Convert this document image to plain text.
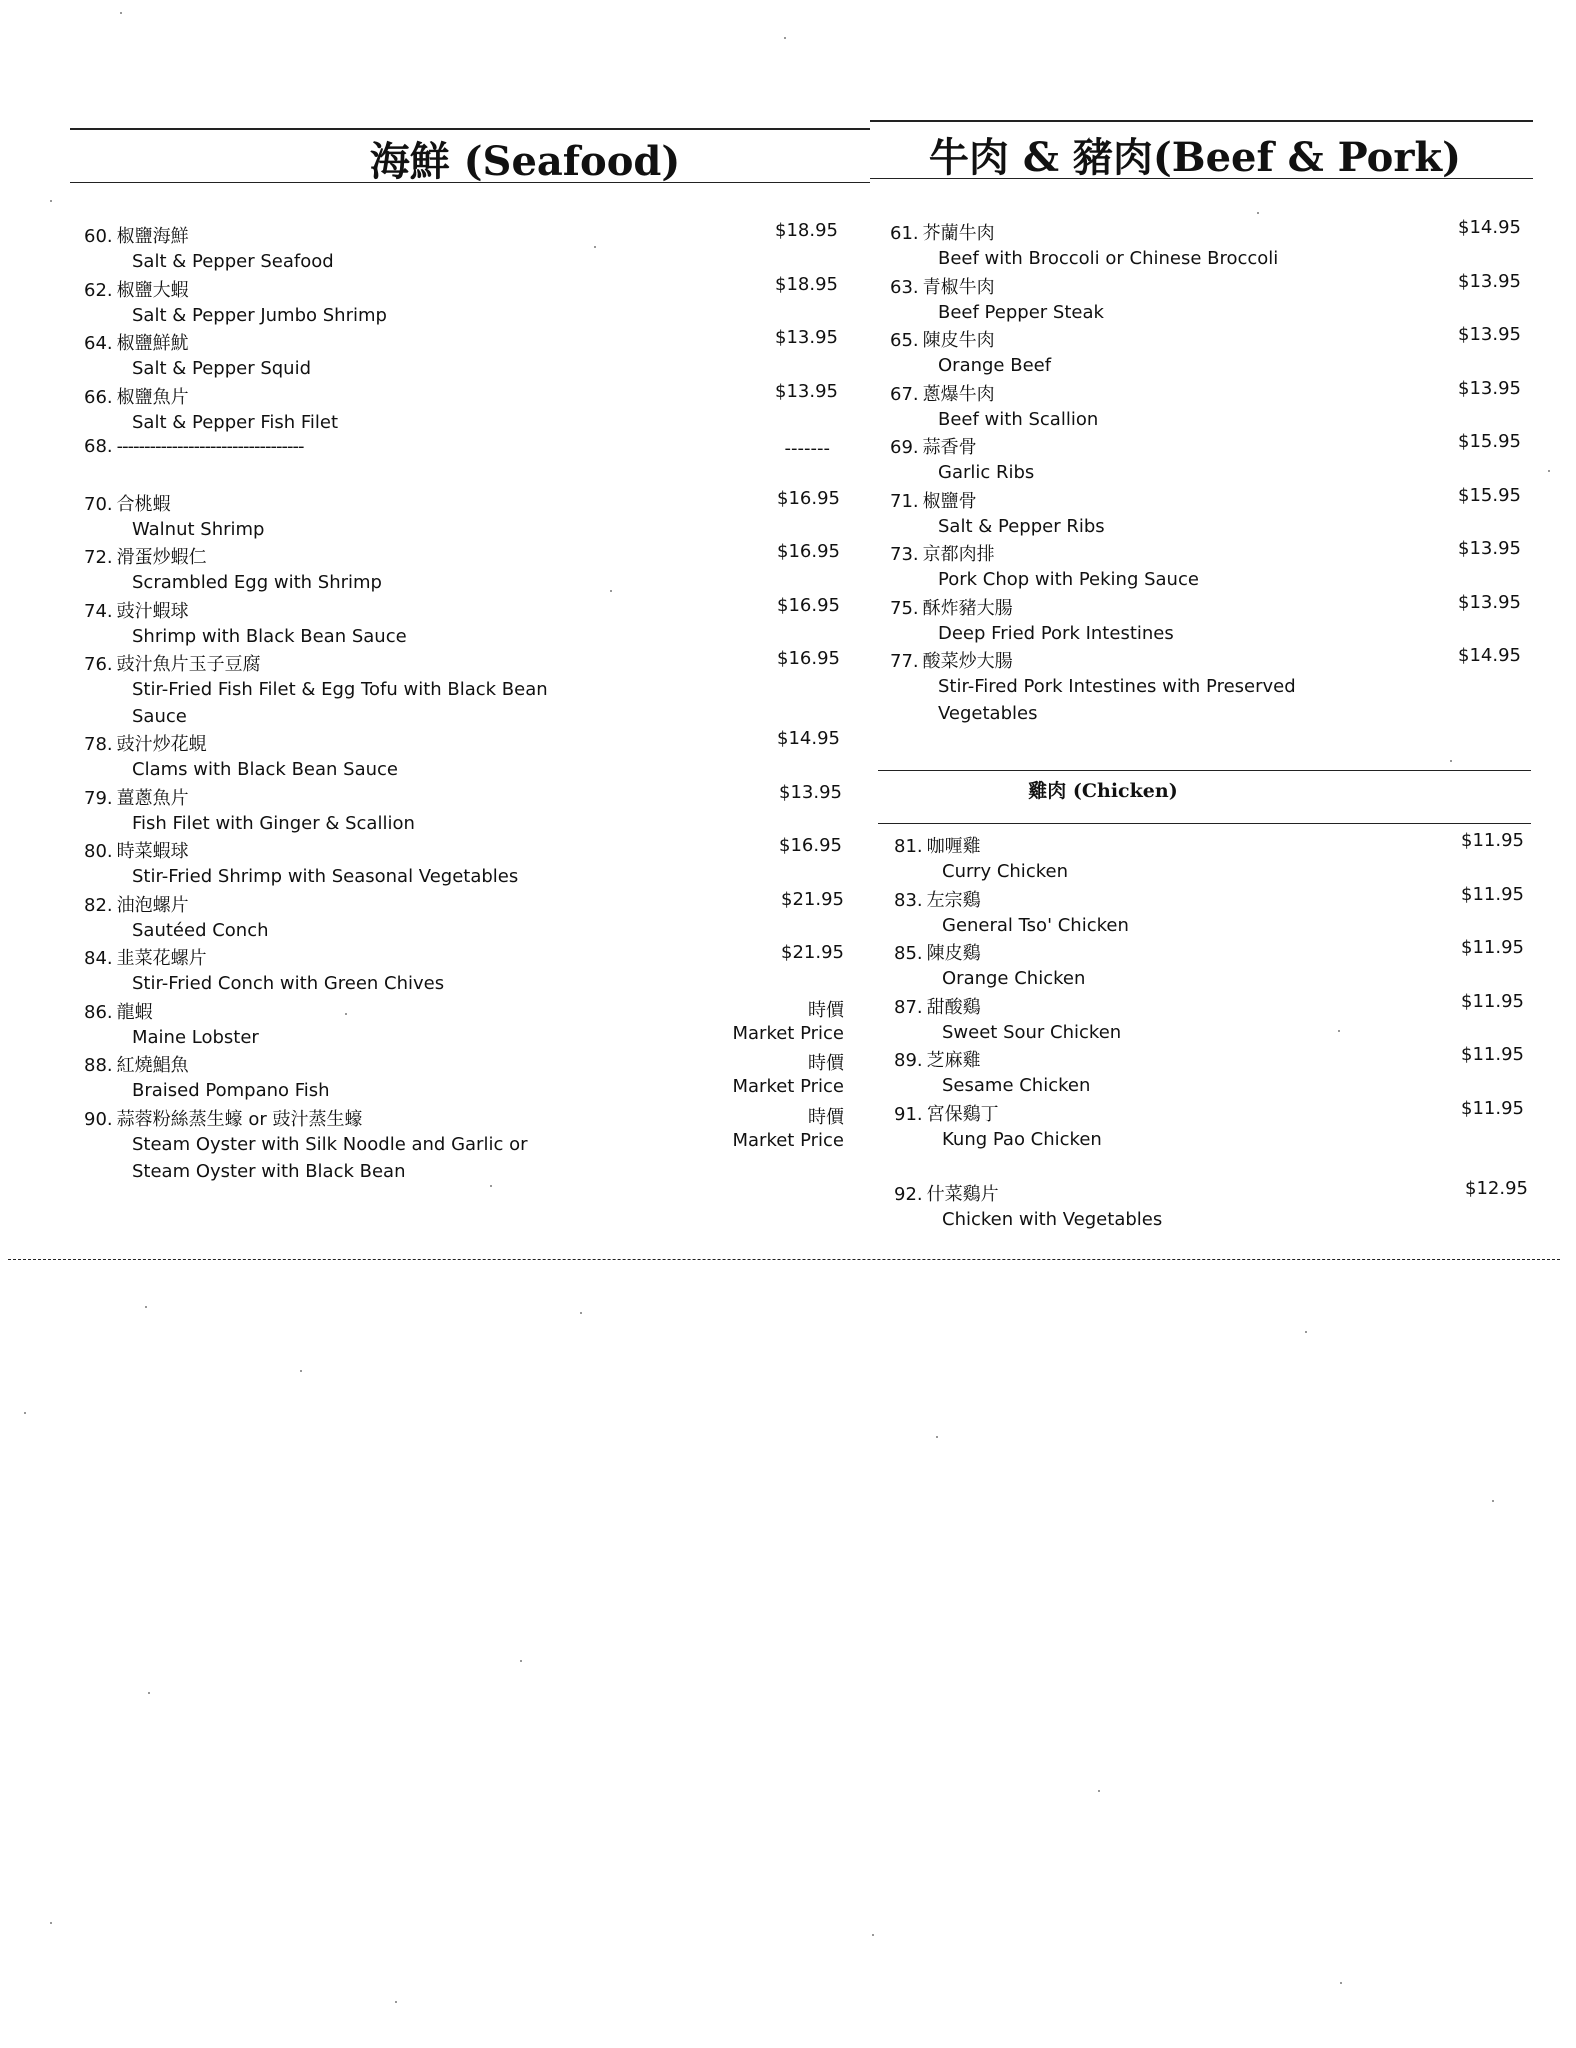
海鮮 (Seafood)	牛肉 & 豬肉(Beef & Pork)
60. 椒鹽海鮮
Salt & Pepper Seafood
$18.95
62. 椒鹽大蝦
Salt & Pepper Jumbo Shrimp
$18.95
64. 椒鹽鮮魷
Salt & Pepper Squid
$13.95
66. 椒鹽魚片
Salt & Pepper Fish Filet
$13.95
68. ----------------------------------	-------
70. 合桃蝦
Walnut Shrimp
$16.95
72. 滑蛋炒蝦仁
Scrambled Egg with Shrimp
$16.95
74. 豉汁蝦球
Shrimp with Black Bean Sauce
$16.95
76. 豉汁魚片玉子豆腐
Stir-Fried Fish Filet & Egg Tofu with Black Bean Sauce
$16.95
78. 豉汁炒花蜆
Clams with Black Bean Sauce
$14.95
79. 薑蔥魚片
Fish Filet with Ginger & Scallion
$13.95
80. 時菜蝦球
Stir-Fried Shrimp with Seasonal Vegetables
$16.95
82. 油泡螺片
Sautéed Conch
$21.95
84. 韭菜花螺片
Stir-Fried Conch with Green Chives
$21.95
86. 龍蝦
Maine Lobster
時價
Market Price
88. 紅燒鯧魚
Braised Pompano Fish
時價
Market Price
90. 蒜蓉粉絲蒸生蠔 or 豉汁蒸生蠔
Steam Oyster with Silk Noodle and Garlic or Steam Oyster with Black Bean
時價
Market Price
61. 芥蘭牛肉
Beef with Broccoli or Chinese Broccoli
$14.95
63. 青椒牛肉
Beef Pepper Steak
$13.95
65. 陳皮牛肉
Orange Beef
$13.95
67. 蔥爆牛肉
Beef with Scallion
$13.95
69. 蒜香骨
Garlic Ribs
$15.95
71. 椒鹽骨
Salt & Pepper Ribs
$15.95
73. 京都肉排
Pork Chop with Peking Sauce
$13.95
75. 酥炸豬大腸
Deep Fried Pork Intestines
$13.95
77. 酸菜炒大腸
Stir-Fired Pork Intestines with Preserved Vegetables
$14.95
雞肉 (Chicken)
81. 咖喱雞
Curry Chicken
$11.95
83. 左宗鷄
General Tso' Chicken
$11.95
85. 陳皮鷄
Orange Chicken
$11.95
87. 甜酸鷄
Sweet Sour Chicken
$11.95
89. 芝麻雞
Sesame Chicken
$11.95
91. 宮保鷄丁
Kung Pao Chicken
$11.95
92. 什菜鷄片
Chicken with Vegetables
$12.95
